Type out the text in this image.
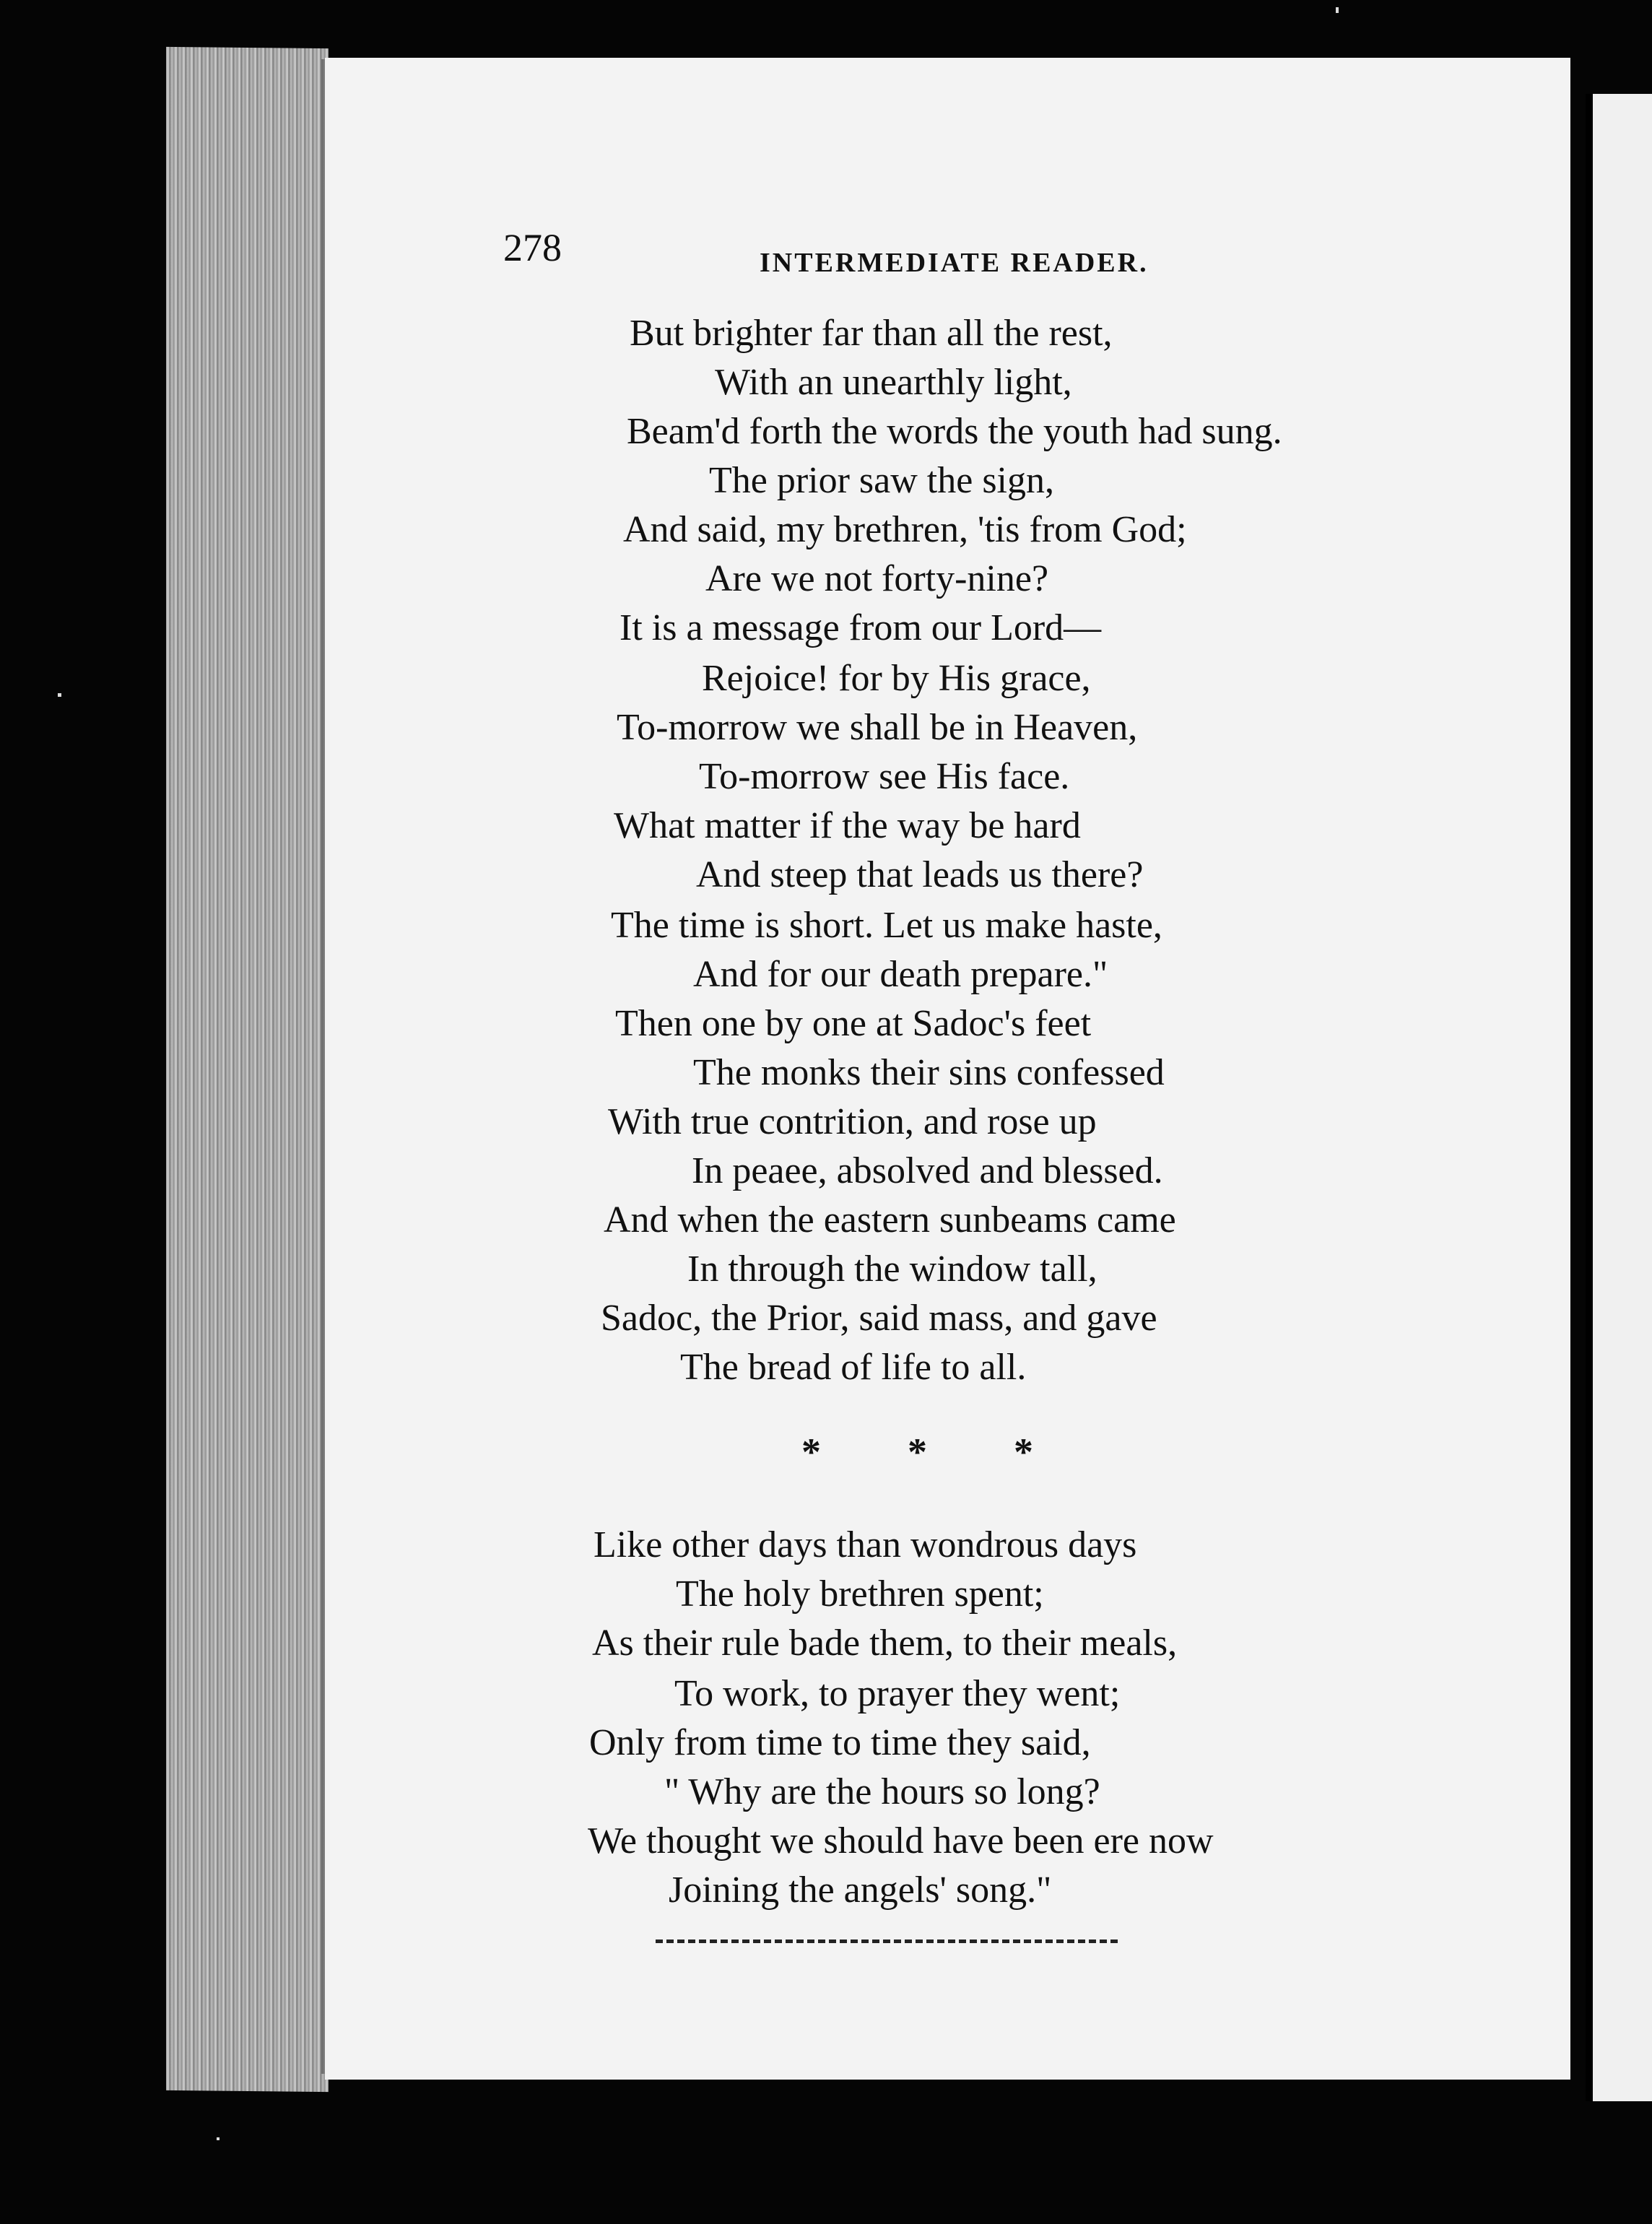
278	INTERMEDIATE READER.
But brighter far than all the rest,
With an unearthly light,
Beam'd forth the words the youth had sung.
The prior saw the sign,
And said, my brethren, 'tis from God;
Are we not forty-nine?
It is a message from our Lord—
Rejoice! for by His grace,
To-morrow we shall be in Heaven,
To-morrow see His face.
What matter if the way be hard
And steep that leads us there?
The time is short. Let us make haste,
And for our death prepare."
Then one by one at Sadoc's feet
The monks their sins confessed
With true contrition, and rose up
In peaee, absolved and blessed.
And when the eastern sunbeams came
In through the window tall,
Sadoc, the Prior, said mass, and gave
The bread of life to all.
* * *
Like other days than wondrous days
The holy brethren spent;
As their rule bade them, to their meals,
To work, to prayer they went;
Only from time to time they said,
" Why are the hours so long?
We thought we should have been ere now
Joining the angels' song."
